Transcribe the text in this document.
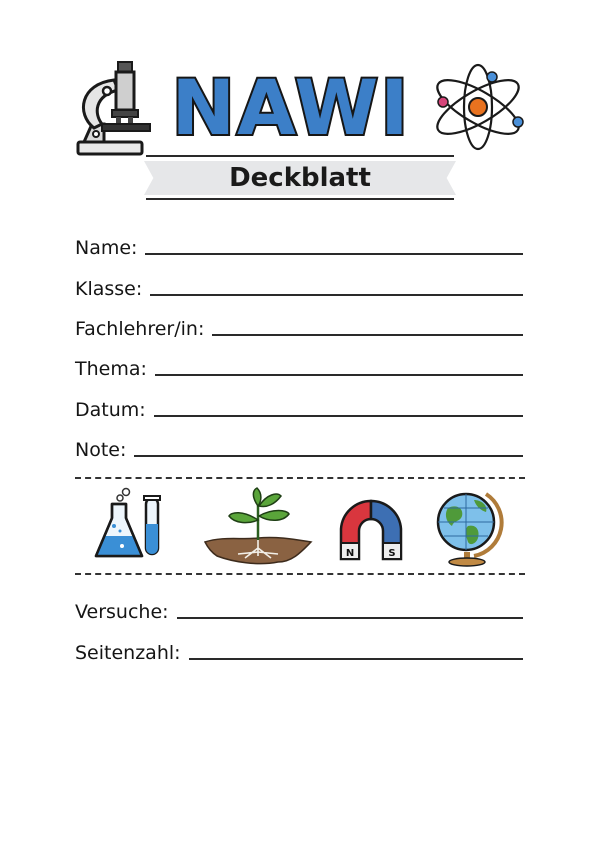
NAWI
Deckblatt
Name:
Klasse:
Fachlehrer/in:
Thema:
Datum:
Note:
N	S
Versuche:
Seitenzahl:
